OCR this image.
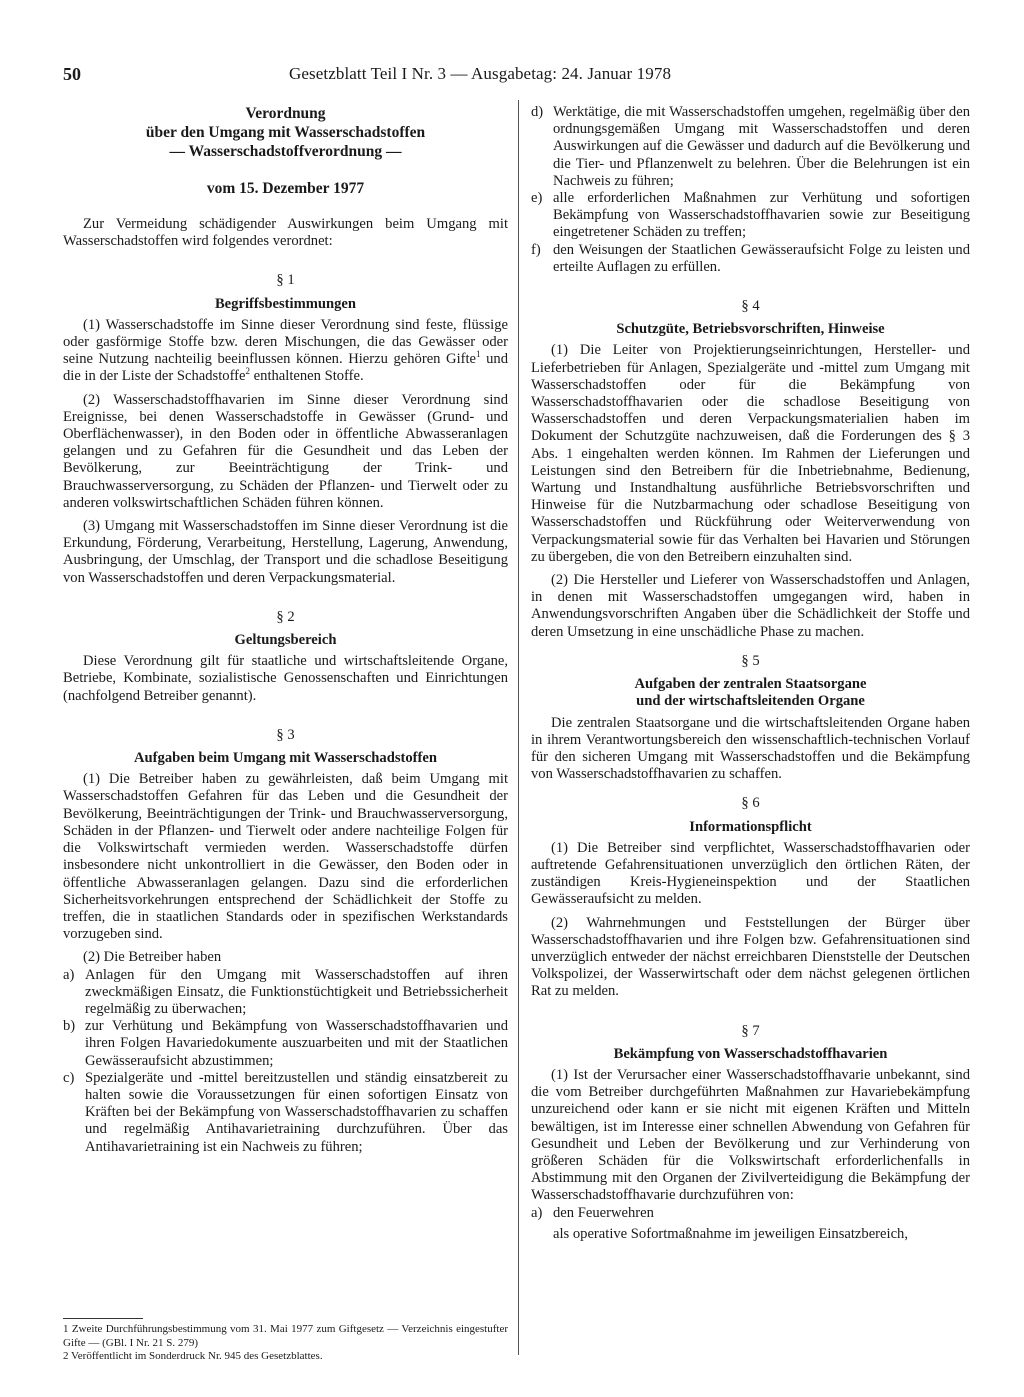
50	Gesetzblatt Teil I Nr. 3 — Ausgabetag: 24. Januar 1978

Verordnung

über den Umgang mit Wasserschadstoffen

— Wasserschadstoffverordnung —

vom 15. Dezember 1977

Zur Vermeidung schädigender Auswirkungen beim Umgang mit Wasserschadstoffen wird folgendes verordnet:

§ 1

Begriffsbestimmungen

(1) Wasserschadstoffe im Sinne dieser Verordnung sind feste, flüssige oder gasförmige Stoffe bzw. deren Mischungen, die das Gewässer oder seine Nutzung nachteilig beeinflussen können. Hierzu gehören Gifte$^1$ und die in der Liste der Schadstoffe$^2$ enthaltenen Stoffe.

(2) Wasserschadstoffhavarien im Sinne dieser Verordnung sind Ereignisse, bei denen Wasserschadstoffe in Gewässer (Grund- und Oberflächenwasser), in den Boden oder in öffentliche Abwasseranlagen gelangen und zu Gefahren für die Gesundheit und das Leben der Bevölkerung, zur Beeinträchtigung der Trink- und Brauchwasserversorgung, zu Schäden der Pflanzen- und Tierwelt oder zu anderen volkswirtschaftlichen Schäden führen können.

(3) Umgang mit Wasserschadstoffen im Sinne dieser Verordnung ist die Erkundung, Förderung, Verarbeitung, Herstellung, Lagerung, Anwendung, Ausbringung, der Umschlag, der Transport und die schadlose Beseitigung von Wasserschadstoffen und deren Verpackungsmaterial.

§ 2

Geltungsbereich

Diese Verordnung gilt für staatliche und wirtschaftsleitende Organe, Betriebe, Kombinate, sozialistische Genossenschaften und Einrichtungen (nachfolgend Betreiber genannt).

§ 3

Aufgaben beim Umgang mit Wasserschadstoffen

(1) Die Betreiber haben zu gewährleisten, daß beim Umgang mit Wasserschadstoffen Gefahren für das Leben und die Gesundheit der Bevölkerung, Beeinträchtigungen der Trink- und Brauchwasserversorgung, Schäden in der Pflanzen- und Tierwelt oder andere nachteilige Folgen für die Volkswirtschaft vermieden werden. Wasserschadstoffe dürfen insbesondere nicht unkontrolliert in die Gewässer, den Boden oder in öffentliche Abwasseranlagen gelangen. Dazu sind die erforderlichen Sicherheitsvorkehrungen entsprechend der Schädlichkeit der Stoffe zu treffen, die in staatlichen Standards oder in spezifischen Werkstandards vorzugeben sind.

(2) Die Betreiber haben

a) Anlagen für den Umgang mit Wasserschadstoffen auf ihren zweckmäßigen Einsatz, die Funktionstüchtigkeit und Betriebssicherheit regelmäßig zu überwachen;
b) zur Verhütung und Bekämpfung von Wasserschadstoffhavarien und ihren Folgen Havariedokumente auszuarbeiten und mit der Staatlichen Gewässeraufsicht abzustimmen;
c) Spezialgeräte und -mittel bereitzustellen und ständig einsatzbereit zu halten sowie die Voraussetzungen für einen sofortigen Einsatz von Kräften bei der Bekämpfung von Wasserschadstoffhavarien zu schaffen und regelmäßig Antihavarietraining durchzuführen. Über das Antihavarietraining ist ein Nachweis zu führen;

1 Zweite Durchführungsbestimmung vom 31. Mai 1977 zum Giftgesetz — Verzeichnis eingestufter Gifte — (GBl. I Nr. 21 S. 279)

2 Veröffentlicht im Sonderdruck Nr. 945 des Gesetzblattes.

d) Werktätige, die mit Wasserschadstoffen umgehen, regelmäßig über den ordnungsgemäßen Umgang mit Wasserschadstoffen und deren Auswirkungen auf die Gewässer und dadurch auf die Bevölkerung und die Tier- und Pflanzenwelt zu belehren. Über die Belehrungen ist ein Nachweis zu führen;
e) alle erforderlichen Maßnahmen zur Verhütung und sofortigen Bekämpfung von Wasserschadstoffhavarien sowie zur Beseitigung eingetretener Schäden zu treffen;
f) den Weisungen der Staatlichen Gewässeraufsicht Folge zu leisten und erteilte Auflagen zu erfüllen.

§ 4

Schutzgüte, Betriebsvorschriften, Hinweise

(1) Die Leiter von Projektierungseinrichtungen, Hersteller- und Lieferbetrieben für Anlagen, Spezialgeräte und -mittel zum Umgang mit Wasserschadstoffen oder für die Bekämpfung von Wasserschadstoffhavarien oder die schadlose Beseitigung von Wasserschadstoffen und deren Verpackungsmaterialien haben im Dokument der Schutzgüte nachzuweisen, daß die Forderungen des § 3 Abs. 1 eingehalten werden können. Im Rahmen der Lieferungen und Leistungen sind den Betreibern für die Inbetriebnahme, Bedienung, Wartung und Instandhaltung ausführliche Betriebsvorschriften und Hinweise für die Nutzbarmachung oder schadlose Beseitigung von Wasserschadstoffen und Rückführung oder Weiterverwendung von Verpackungsmaterial sowie für das Verhalten bei Havarien und Störungen zu übergeben, die von den Betreibern einzuhalten sind.

(2) Die Hersteller und Lieferer von Wasserschadstoffen und Anlagen, in denen mit Wasserschadstoffen umgegangen wird, haben in Anwendungsvorschriften Angaben über die Schädlichkeit der Stoffe und deren Umsetzung in eine unschädliche Phase zu machen.

§ 5

Aufgaben der zentralen Staatsorgane

und der wirtschaftsleitenden Organe

Die zentralen Staatsorgane und die wirtschaftsleitenden Organe haben in ihrem Verantwortungsbereich den wissenschaftlich-technischen Vorlauf für den sicheren Umgang mit Wasserschadstoffen und die Bekämpfung von Wasserschadstoffhavarien zu schaffen.

§ 6

Informationspflicht

(1) Die Betreiber sind verpflichtet, Wasserschadstoffhavarien oder auftretende Gefahrensituationen unverzüglich den örtlichen Räten, der zuständigen Kreis-Hygieneinspektion und der Staatlichen Gewässeraufsicht zu melden.

(2) Wahrnehmungen und Feststellungen der Bürger über Wasserschadstoffhavarien und ihre Folgen bzw. Gefahrensituationen sind unverzüglich entweder der nächst erreichbaren Dienststelle der Deutschen Volkspolizei, der Wasserwirtschaft oder dem nächst gelegenen örtlichen Rat zu melden.

§ 7

Bekämpfung von Wasserschadstoffhavarien

(1) Ist der Verursacher einer Wasserschadstoffhavarie unbekannt, sind die vom Betreiber durchgeführten Maßnahmen zur Havariebekämpfung unzureichend oder kann er sie nicht mit eigenen Kräften und Mitteln bewältigen, ist im Interesse einer schnellen Abwendung von Gefahren für Gesundheit und Leben der Bevölkerung und zur Verhinderung von größeren Schäden für die Volkswirtschaft erforderlichenfalls in Abstimmung mit den Organen der Zivilverteidigung die Bekämpfung der Wasserschadstoffhavarie durchzuführen von:

a) den Feuerwehren

als operative Sofortmaßnahme im jeweiligen Einsatzbereich,
